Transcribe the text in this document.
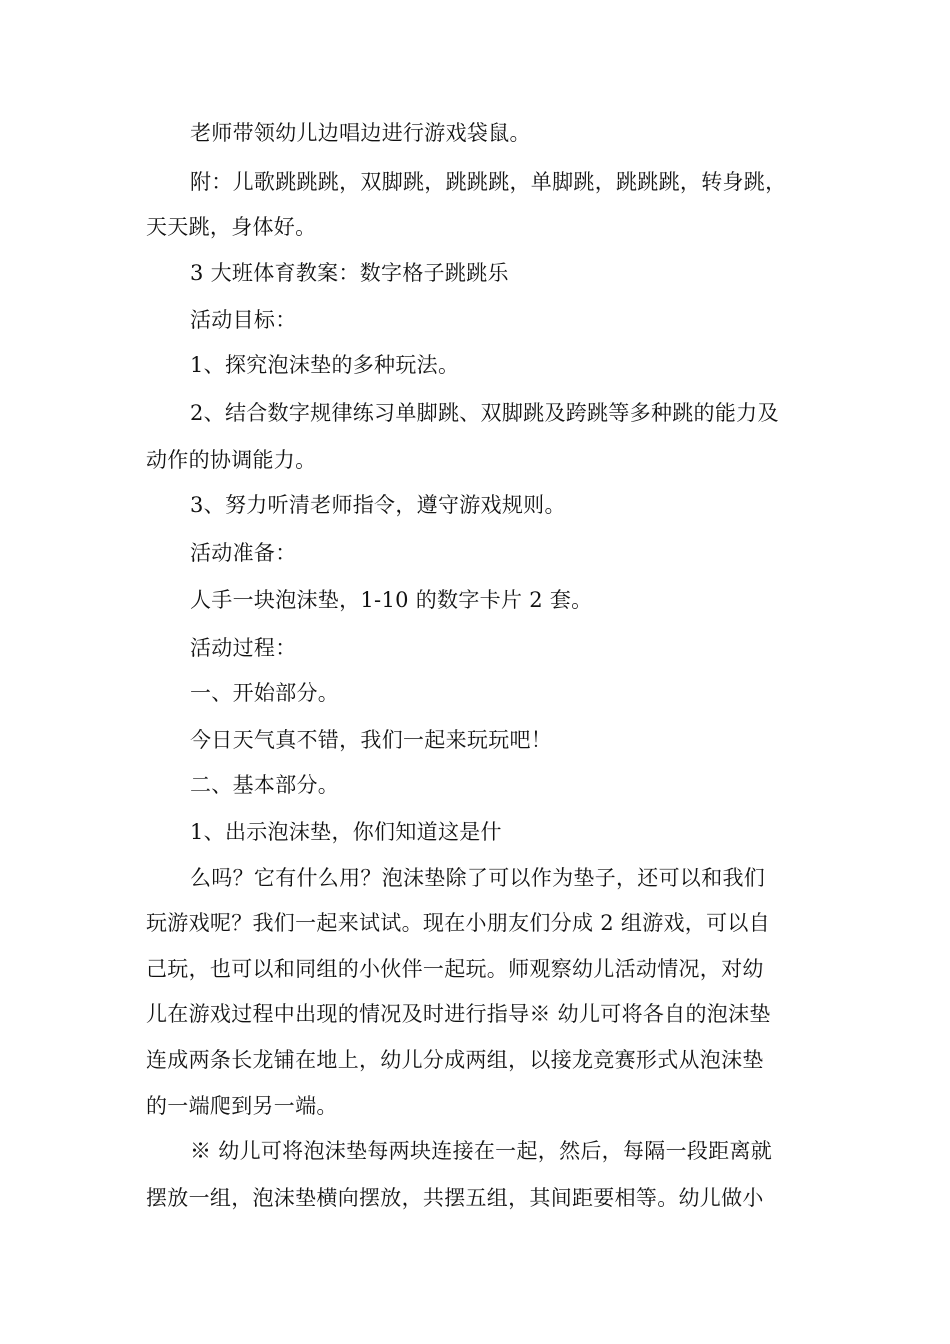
老师带领幼儿边唱边进行游戏袋鼠。
附：儿歌跳跳跳，双脚跳，跳跳跳，单脚跳，跳跳跳，转身跳，
天天跳，身体好。
3 大班体育教案：数字格子跳跳乐
活动目标：
1、探究泡沫垫的多种玩法。
2、结合数字规律练习单脚跳、双脚跳及跨跳等多种跳的能力及
动作的协调能力。
3、努力听清老师指令，遵守游戏规则。
活动准备：
人手一块泡沫垫，1-10 的数字卡片 2 套。
活动过程：
一、开始部分。
今日天气真不错，我们一起来玩玩吧！
二、基本部分。
1、出示泡沫垫，你们知道这是什
么吗？它有什么用？泡沫垫除了可以作为垫子，还可以和我们
玩游戏呢？我们一起来试试。现在小朋友们分成 2 组游戏，可以自
己玩，也可以和同组的小伙伴一起玩。师观察幼儿活动情况，对幼
儿在游戏过程中出现的情况及时进行指导※ 幼儿可将各自的泡沫垫
连成两条长龙铺在地上，幼儿分成两组，以接龙竞赛形式从泡沫垫
的一端爬到另一端。
※ 幼儿可将泡沫垫每两块连接在一起，然后，每隔一段距离就
摆放一组，泡沫垫横向摆放，共摆五组，其间距要相等。幼儿做小
